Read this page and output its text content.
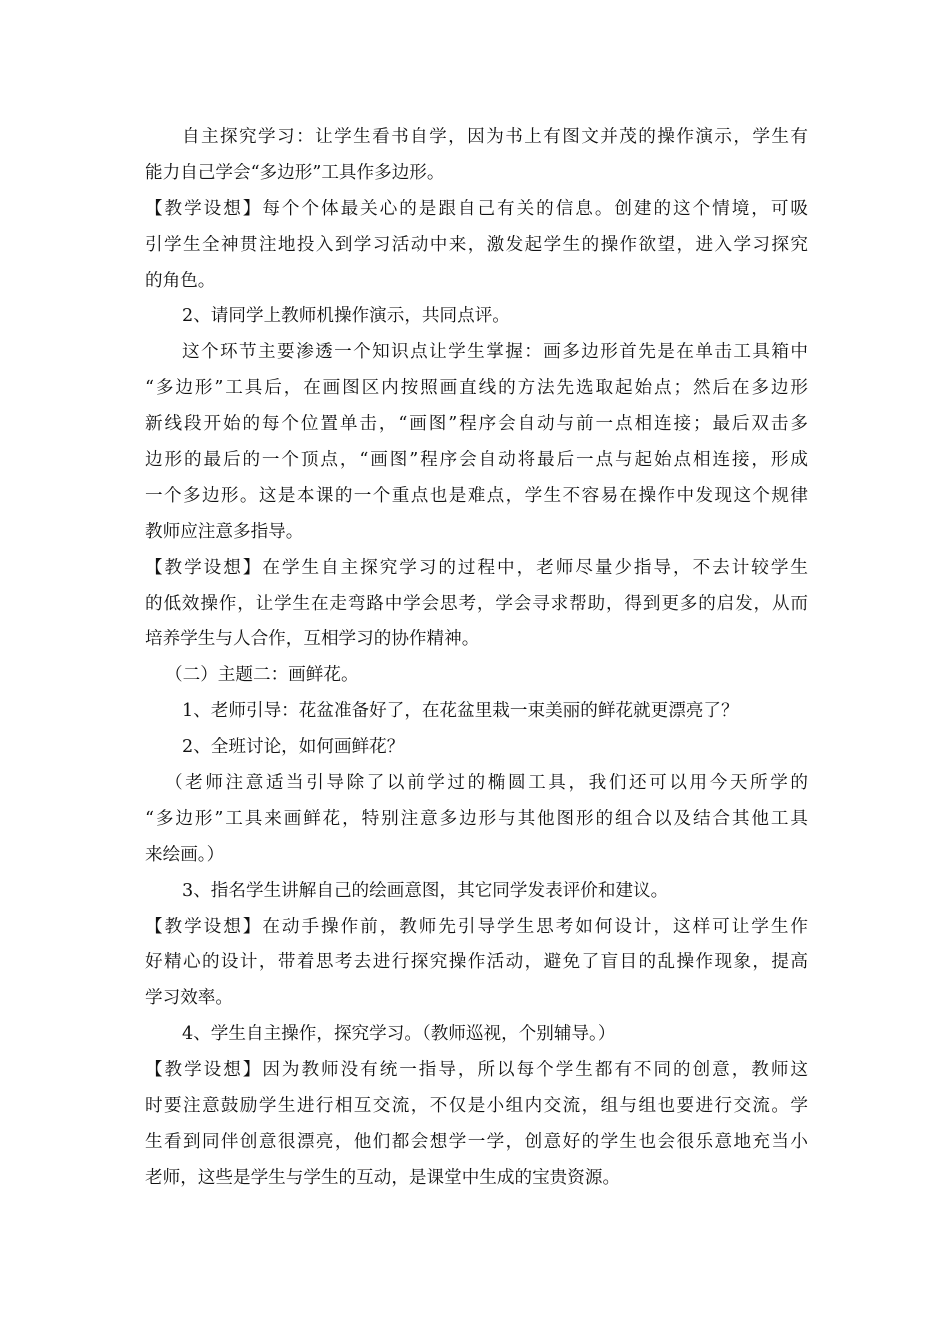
自主探究学习：让学生看书自学，因为书上有图文并茂的操作演示，学生有
能力自己学会“多边形”工具作多边形。
【教学设想】每个个体最关心的是跟自己有关的信息。创建的这个情境，可吸
引学生全神贯注地投入到学习活动中来，激发起学生的操作欲望，进入学习探究
的角色。
2、请同学上教师机操作演示，共同点评。
这个环节主要渗透一个知识点让学生掌握：画多边形首先是在单击工具箱中
“多边形”工具后，在画图区内按照画直线的方法先选取起始点；然后在多边形
新线段开始的每个位置单击，“画图”程序会自动与前一点相连接；最后双击多
边形的最后的一个顶点，“画图”程序会自动将最后一点与起始点相连接，形成
一个多边形。这是本课的一个重点也是难点，学生不容易在操作中发现这个规律
教师应注意多指导。
【教学设想】在学生自主探究学习的过程中，老师尽量少指导，不去计较学生
的低效操作，让学生在走弯路中学会思考，学会寻求帮助，得到更多的启发，从而
培养学生与人合作，互相学习的协作精神。
（二）主题二：画鲜花。
1、老师引导：花盆准备好了，在花盆里栽一束美丽的鲜花就更漂亮了？
2、全班讨论，如何画鲜花？
（老师注意适当引导除了以前学过的椭圆工具，我们还可以用今天所学的
“多边形”工具来画鲜花，特别注意多边形与其他图形的组合以及结合其他工具
来绘画。）
3、指名学生讲解自己的绘画意图，其它同学发表评价和建议。
【教学设想】在动手操作前，教师先引导学生思考如何设计，这样可让学生作
好精心的设计，带着思考去进行探究操作活动，避免了盲目的乱操作现象，提高
学习效率。
4、学生自主操作，探究学习。（教师巡视，个别辅导。）
【教学设想】因为教师没有统一指导，所以每个学生都有不同的创意，教师这
时要注意鼓励学生进行相互交流，不仅是小组内交流，组与组也要进行交流。学
生看到同伴创意很漂亮，他们都会想学一学，创意好的学生也会很乐意地充当小
老师，这些是学生与学生的互动，是课堂中生成的宝贵资源。
